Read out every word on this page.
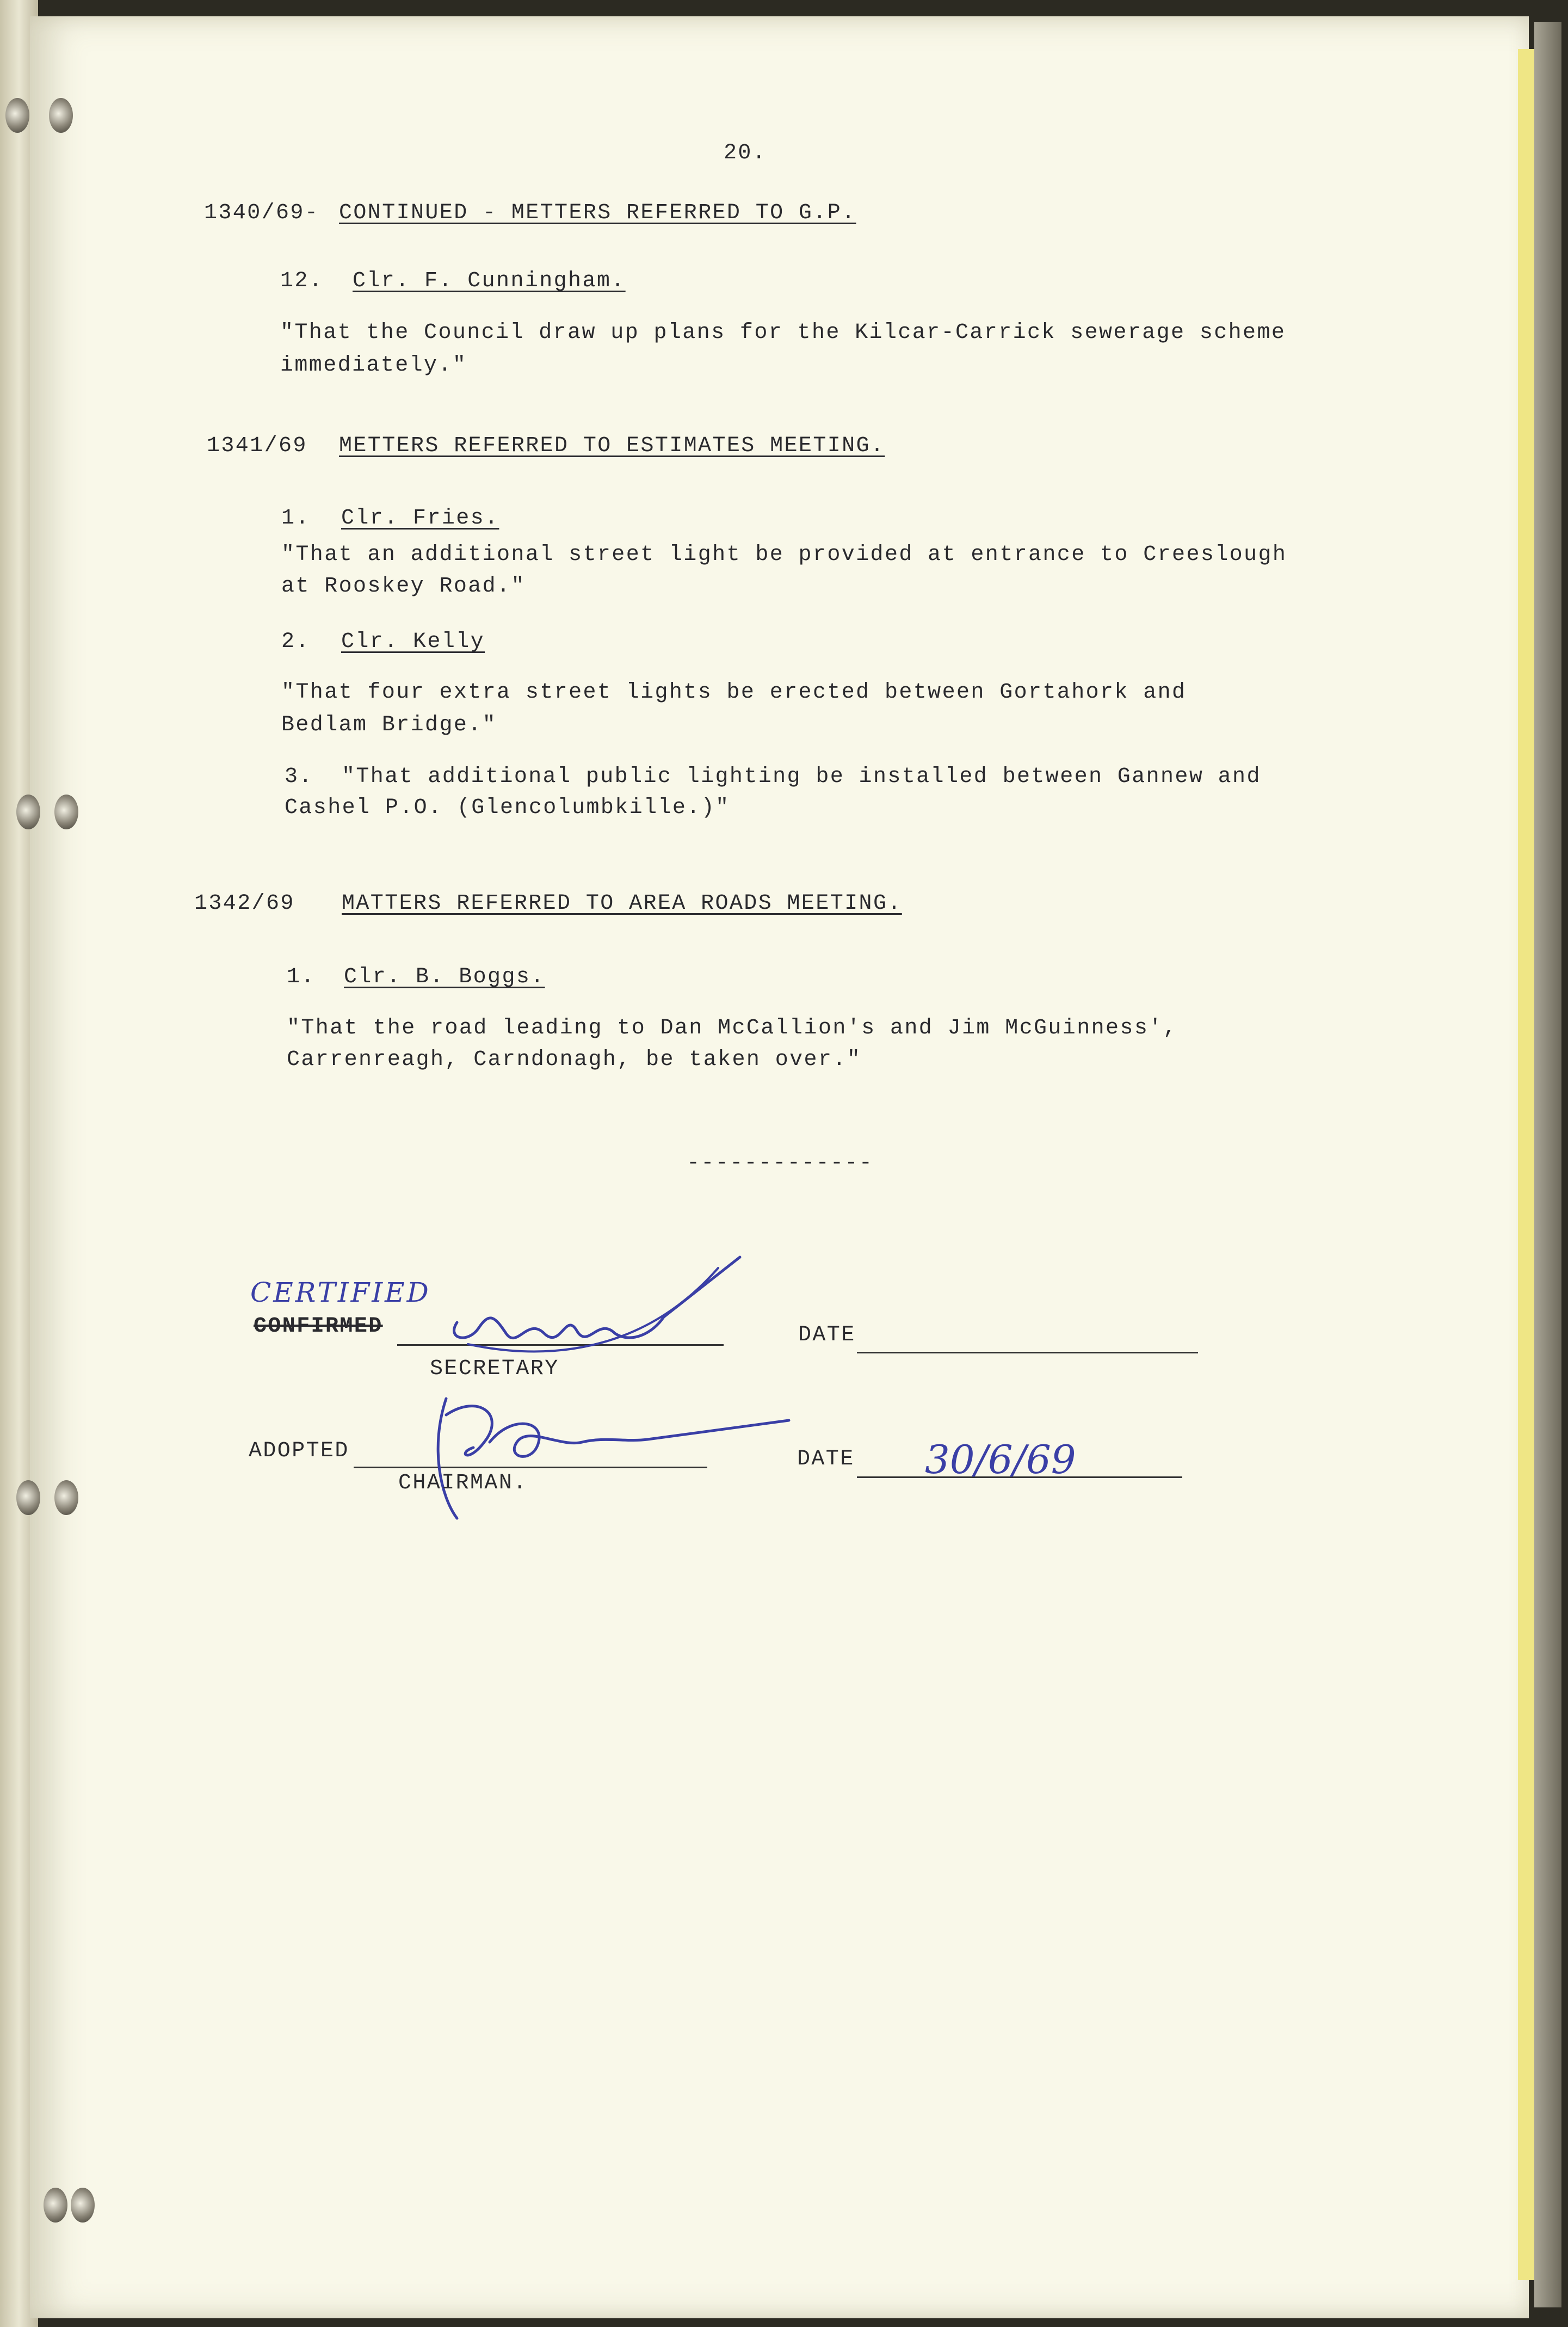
20.
1340/69- CONTINUED - METTERS REFERRED TO G.P.
12. Clr. F. Cunningham.
"That the Council draw up plans for the Kilcar-Carrick sewerage scheme
immediately."
1341/69 METTERS REFERRED TO ESTIMATES MEETING.
1. Clr. Fries.
"That an additional street light be provided at entrance to Creeslough
at Rooskey Road."
2. Clr. Kelly
"That four extra street lights be erected between Gortahork and
Bedlam Bridge."
3. "That additional public lighting be installed between Gannew and
Cashel P.O. (Glencolumbkille.)"
1342/69 MATTERS REFERRED TO AREA ROADS MEETING.
1. Clr. B. Boggs.
"That the road leading to Dan McCallion's and Jim McGuinness',
Carrenreagh, Carndonagh, be taken over."
-------------
CERTIFIED
CONFIRMED
SECRETARY
DATE
ADOPTED
CHAIRMAN.
DATE 30/6/69
